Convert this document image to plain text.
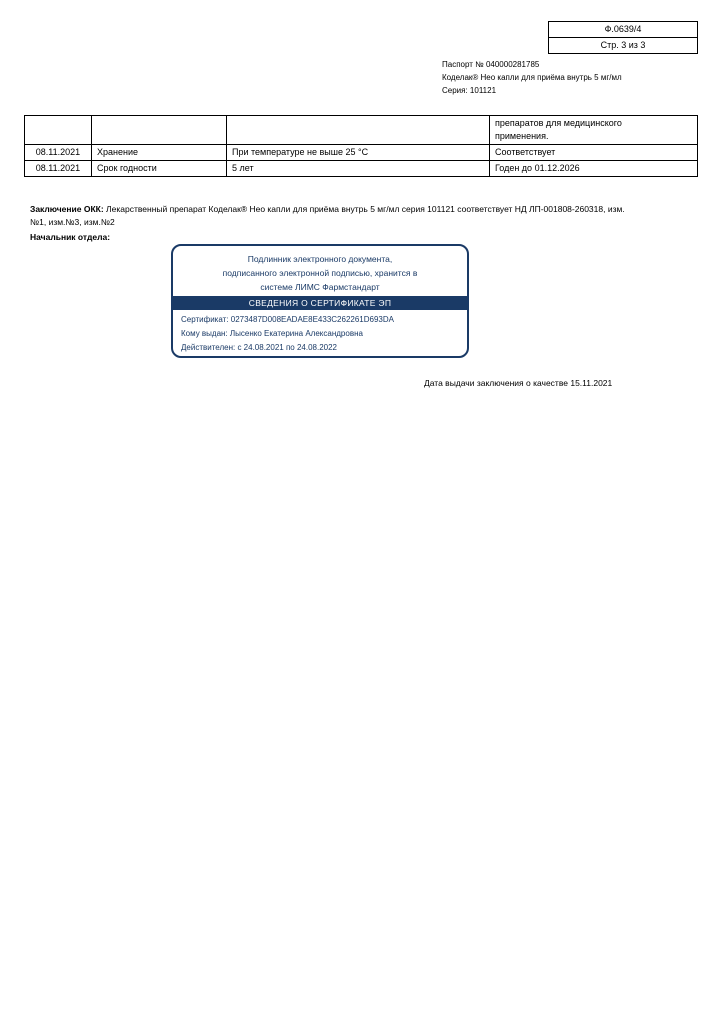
Ф.0639/4
Стр. 3 из 3
Паспорт № 040000281785
Коделак® Нео капли для приёма внутрь 5 мг/мл
Серия: 101121

			препаратов для медицинского
применения.

08.11.2021	Хранение	При температуре не выше 25 °С	Соответствует

08.11.2021	Срок годности	5 лет	Годен до 01.12.2026
Заключение ОКК: Лекарственный препарат Коделак® Нео капли для приёма внутрь 5 мг/мл серия 101121 соответствует НД ЛП-001808-260318, изм.№1, изм.№3, изм.№2
Начальник отдела:
Подлинник электронного документа,
подписанного электронной подписью, хранится в
системе ЛИМС Фармстандарт
СВЕДЕНИЯ О СЕРТИФИКАТЕ ЭП
Сертификат: 0273487D008EADAE8E433C262261D693DA
Кому выдан: Лысенко Екатерина Александровна
Действителен: с 24.08.2021 по 24.08.2022
Дата выдачи заключения о качестве 15.11.2021
